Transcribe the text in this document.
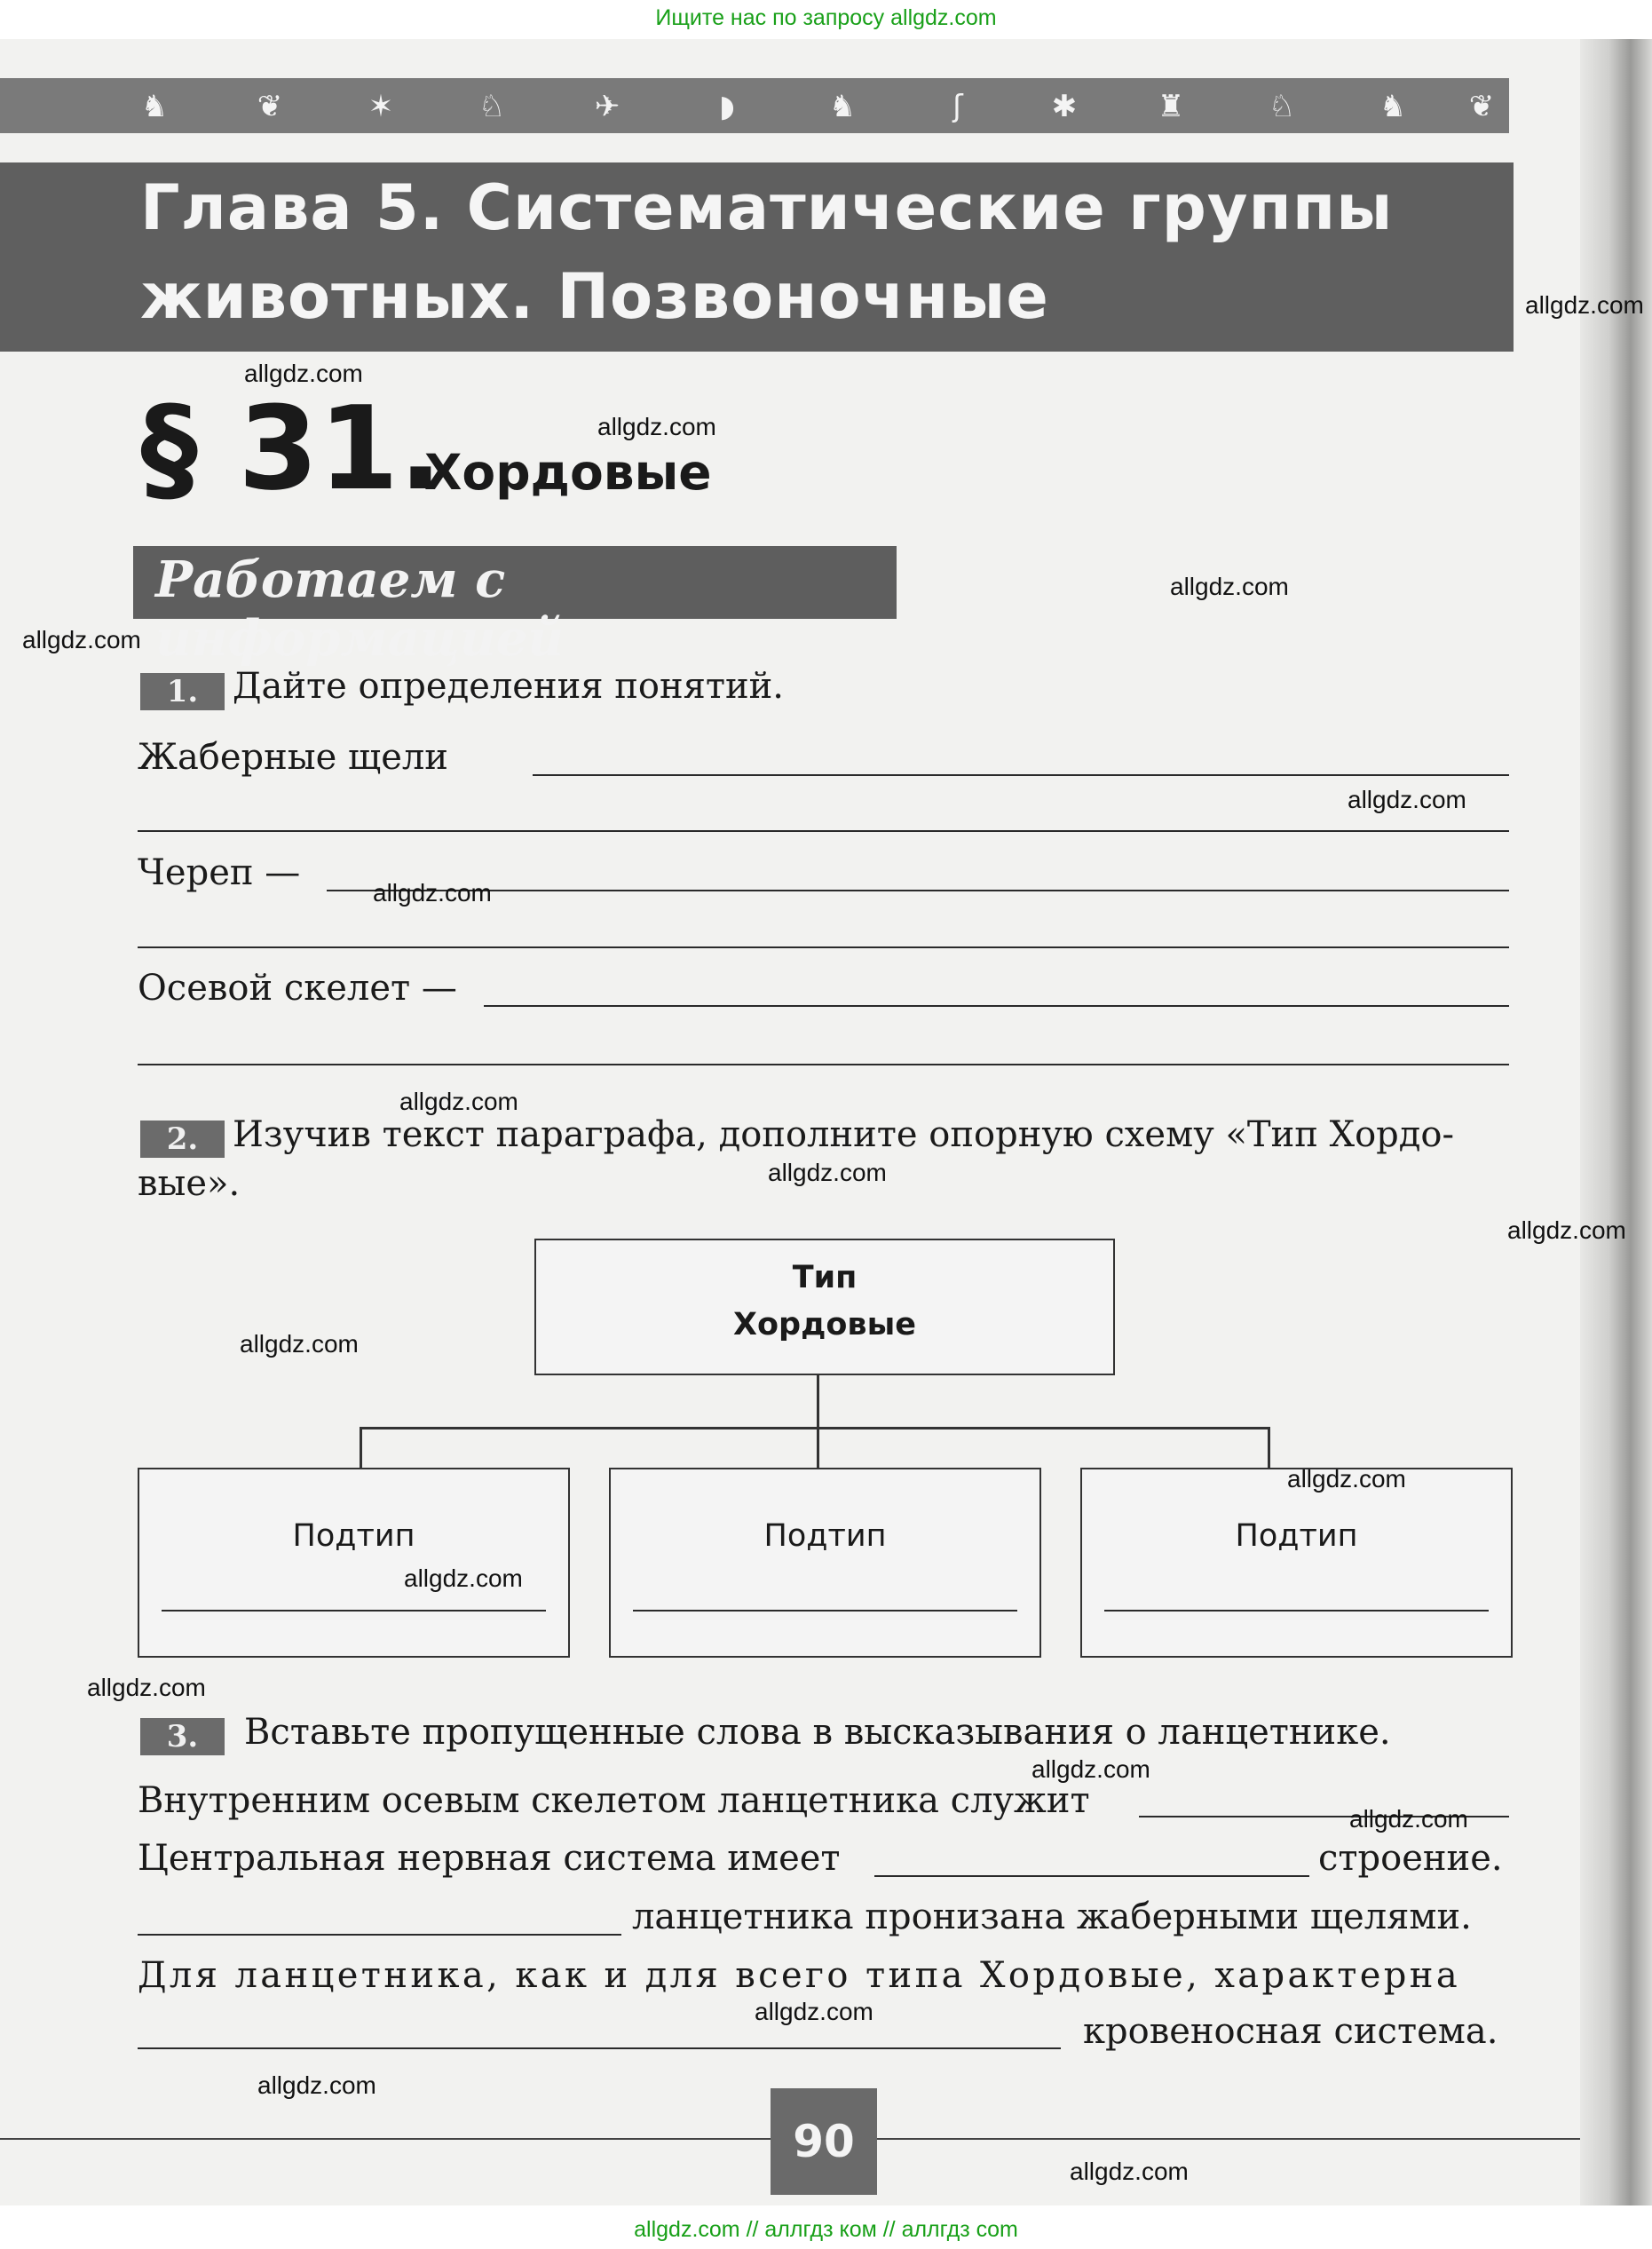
Ищите нас по запросу allgdz.com
♞	❦	✶	♘	✈	◗	♞	ʃ	✱	♜	♘	♞ ❦
Глава 5. Систематические группы
животных. Позвоночные
§ 31.
Хордовые
Работаем с информацией
1. Дайте определения понятий.
Жаберные щели
Череп —
Осевой скелет —
2. Изучив текст параграфа, дополните опорную схему «Тип Хордо-
вые».
Тип
Хордовые
Подтип	Подтип	Подтип
3.	Вставьте пропущенные слова в высказывания о ланцетнике.
Внутренним осевым скелетом ланцетника служит
Центральная нервная система имеет	строение.
ланцетника пронизана жаберными щелями.
Для ланцетника, как и для всего типа Хордовые, характерна
кровеносная система.
90
allgdz.com
allgdz.com
allgdz.com
allgdz.com
allgdz.com
allgdz.com
allgdz.com
allgdz.com
allgdz.com
allgdz.com
allgdz.com
allgdz.com
allgdz.com
allgdz.com
allgdz.com
allgdz.com
allgdz.com
allgdz.com
allgdz.com
allgdz.com // аллгдз ком // аллгдз com
